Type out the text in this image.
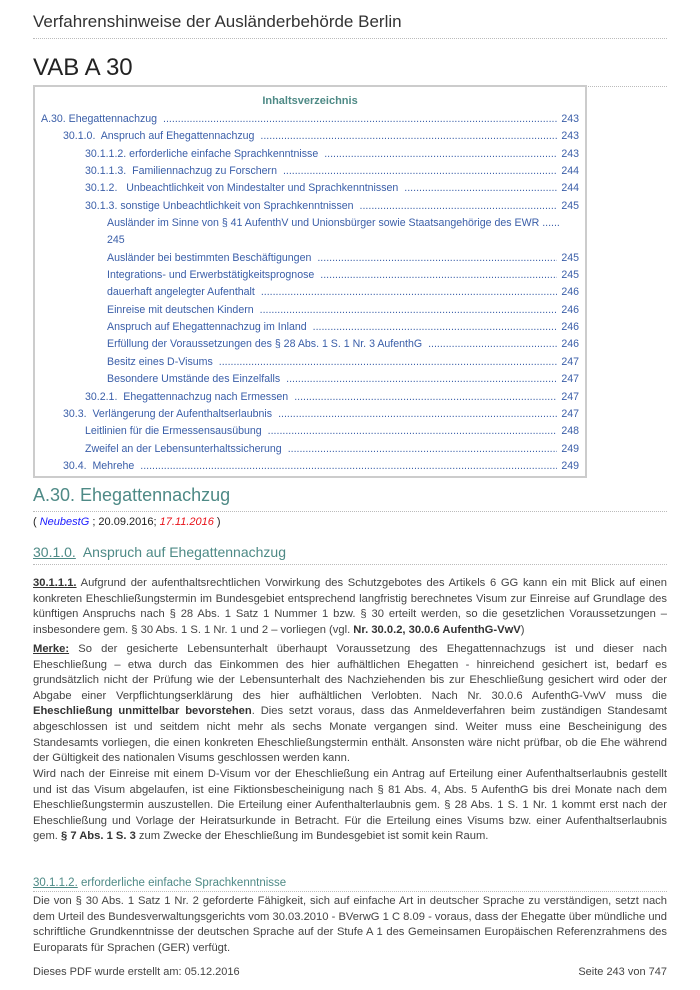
Verfahrenshinweise der Ausländerbehörde Berlin
VAB A 30
Inhaltsverzeichnis
A.30. Ehegattennachzug .....	243
30.1.0.  Anspruch auf Ehegattennachzug .....	243
30.1.1.2. erforderliche einfache Sprachkenntnisse .....	243
30.1.1.3.  Familiennachzug zu Forschern .....	244
30.1.2.   Unbeachtlichkeit von Mindestalter und Sprachkenntnissen .....	244
30.1.3. sonstige Unbeachtlichkeit von Sprachkenntnissen .....	245
Ausländer im Sinne von § 41 AufenthV und Unionsbürger sowie Staatsangehörige des EWR ......
245
Ausländer bei bestimmten Beschäftigungen .....	245
Integrations- und Erwerbstätigkeitsprognose .....	245
dauerhaft angelegter Aufenthalt .....	246
Einreise mit deutschen Kindern .....	246
Anspruch auf Ehegattennachzug im Inland .....	246
Erfüllung der Voraussetzungen des § 28 Abs. 1 S. 1 Nr. 3 AufenthG .....	246
Besitz eines D-Visums .....	247
Besondere Umstände des Einzelfalls .....	247
30.2.1.  Ehegattennachzug nach Ermessen .....	247
30.3.  Verlängerung der Aufenthaltserlaubnis .....	247
Leitlinien für die Ermessensausübung .....	248
Zweifel an der Lebensunterhaltssicherung .....	249
30.4.  Mehrehe .....	249
A.30. Ehegattennachzug
( NeubestG ; 20.09.2016; 17.11.2016 )
30.1.0.  Anspruch auf Ehegattennachzug

30.1.1.1. Aufgrund der aufenthaltsrechtlichen Vorwirkung des Schutzgebotes des Artikels 6 GG kann ein mit Blick auf einen konkreten Eheschließungstermin im Bundesgebiet entsprechend langfristig berechnetes Visum zur Einreise auf Grundlage des künftigen Anspruchs nach § 28 Abs. 1 Satz 1 Nummer 1 bzw. § 30 erteilt werden, so die gesetzlichen Voraussetzungen – insbesondere gem. § 30 Abs. 1 S. 1 Nr. 1 und 2 – vorliegen (vgl. Nr. 30.0.2, 30.0.6 AufenthG-VwV)

Merke: So der gesicherte Lebensunterhalt überhaupt Voraussetzung des Ehegattennachzugs ist und dieser nach Eheschließung – etwa durch das Einkommen des hier aufhältlichen Ehegatten - hinreichend gesichert ist, bedarf es grundsätzlich nicht der Prüfung wie der Lebensunterhalt des Nachziehenden bis zur Eheschließung gesichert wird oder der Abgabe einer Verpflichtungserklärung des hier aufhältlichen Verlobten. Nach Nr. 30.0.6 AufenthG-VwV muss die Eheschließung unmittelbar bevorstehen. Dies setzt voraus, dass das Anmeldeverfahren beim zuständigen Standesamt abgeschlossen ist und seitdem nicht mehr als sechs Monate vergangen sind. Weiter muss eine Bescheinigung des Standesamts vorliegen, die einen konkreten Eheschließungstermin enthält. Ansonsten wäre nicht prüfbar, ob die Ehe während der Gültigkeit des nationalen Visums geschlossen werden kann.

Wird nach der Einreise mit einem D-Visum vor der Eheschließung ein Antrag auf Erteilung einer Aufenthaltserlaubnis gestellt und ist das Visum abgelaufen, ist eine Fiktionsbescheinigung nach § 81 Abs. 4, Abs. 5 AufenthG bis drei Monate nach dem Eheschließungstermin auszustellen. Die Erteilung einer Aufenthalterlaubnis gem. § 28 Abs. 1 S. 1 Nr. 1 kommt erst nach der Eheschließung und Vorlage der Heiratsurkunde in Betracht. Für die Erteilung eines Visums bzw. einer Aufenthaltserlaubnis gem. § 7 Abs. 1 S. 3 zum Zwecke der Eheschließung im Bundesgebiet ist somit kein Raum.

30.1.1.2. erforderliche einfache Sprachkenntnisse

Die von § 30 Abs. 1 Satz 1 Nr. 2 geforderte Fähigkeit, sich auf einfache Art in deutscher Sprache zu verständigen, setzt nach dem Urteil des Bundesverwaltungsgerichts vom 30.03.2010 - BVerwG 1 C 8.09 - voraus, dass der Ehegatte über mündliche und schriftliche Grundkenntnisse der deutschen Sprache auf der Stufe A 1 des Gemeinsamen Europäischen Referenzrahmens des Europarats für Sprachen (GER) verfügt.

Dieses PDF wurde erstellt am: 05.12.2016	Seite 243 von 747
